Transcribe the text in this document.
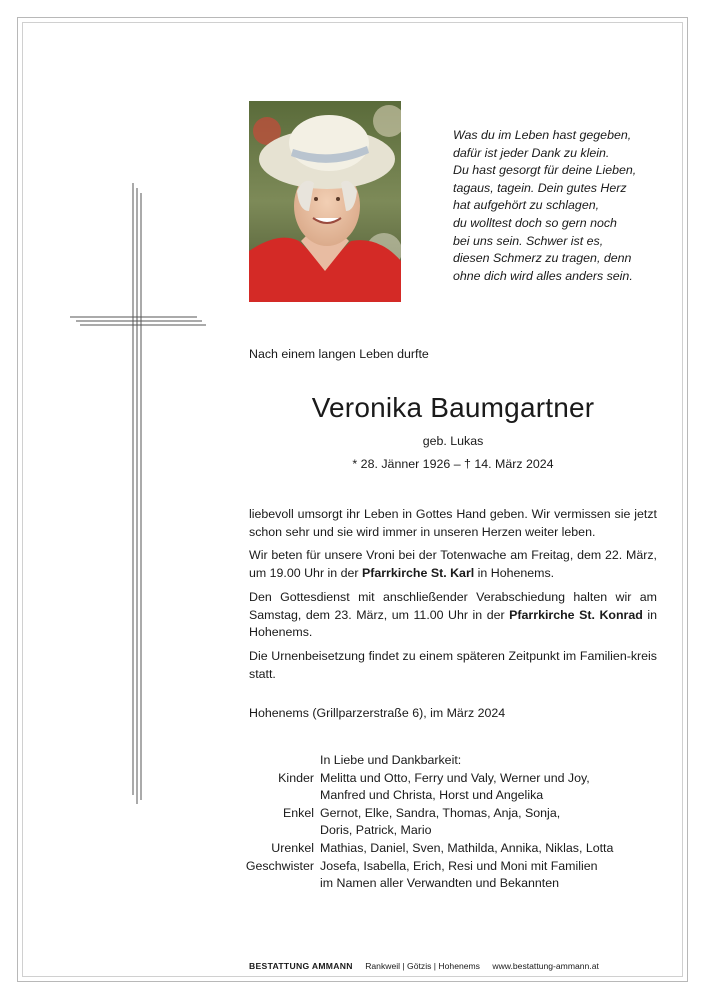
Was du im Leben hast gegeben,
dafür ist jeder Dank zu klein.
Du hast gesorgt für deine Lieben,
tagaus, tagein. Dein gutes Herz
hat aufgehört zu schlagen,
du wolltest doch so gern noch
bei uns sein. Schwer ist es,
diesen Schmerz zu tragen, denn
ohne dich wird alles anders sein.
Nach einem langen Leben durfte
Veronika Baumgartner
geb. Lukas
* 28. Jänner 1926 – † 14. März 2024

liebevoll umsorgt ihr Leben in Gottes Hand geben. Wir vermissen sie jetzt schon sehr und sie wird immer in unseren Herzen weiter leben.

Wir beten für unsere Vroni bei der Totenwache am Freitag, dem 22. März, um 19.00 Uhr in der Pfarrkirche St. Karl in Hohenems.

Den Gottesdienst mit anschließender Verabschiedung halten wir am Samstag, dem 23. März, um 11.00 Uhr in der Pfarrkirche St. Konrad in Hohenems.

Die Urnenbeisetzung findet zu einem späteren Zeitpunkt im Familien-kreis statt.

Hohenems (Grillparzerstraße 6), im März 2024
In Liebe und Dankbarkeit:
Kinder Melitta und Otto, Ferry und Valy, Werner und Joy,
Manfred und Christa, Horst und Angelika
Enkel Gernot, Elke, Sandra, Thomas, Anja, Sonja,
Doris, Patrick, Mario
Urenkel Mathias, Daniel, Sven, Mathilda, Annika, Niklas, Lotta
Geschwister Josefa, Isabella, Erich, Resi und Moni mit Familien
im Namen aller Verwandten und Bekannten
BESTATTUNG AMMANN Rankweil | Götzis | Hohenems www.bestattung-ammann.at
